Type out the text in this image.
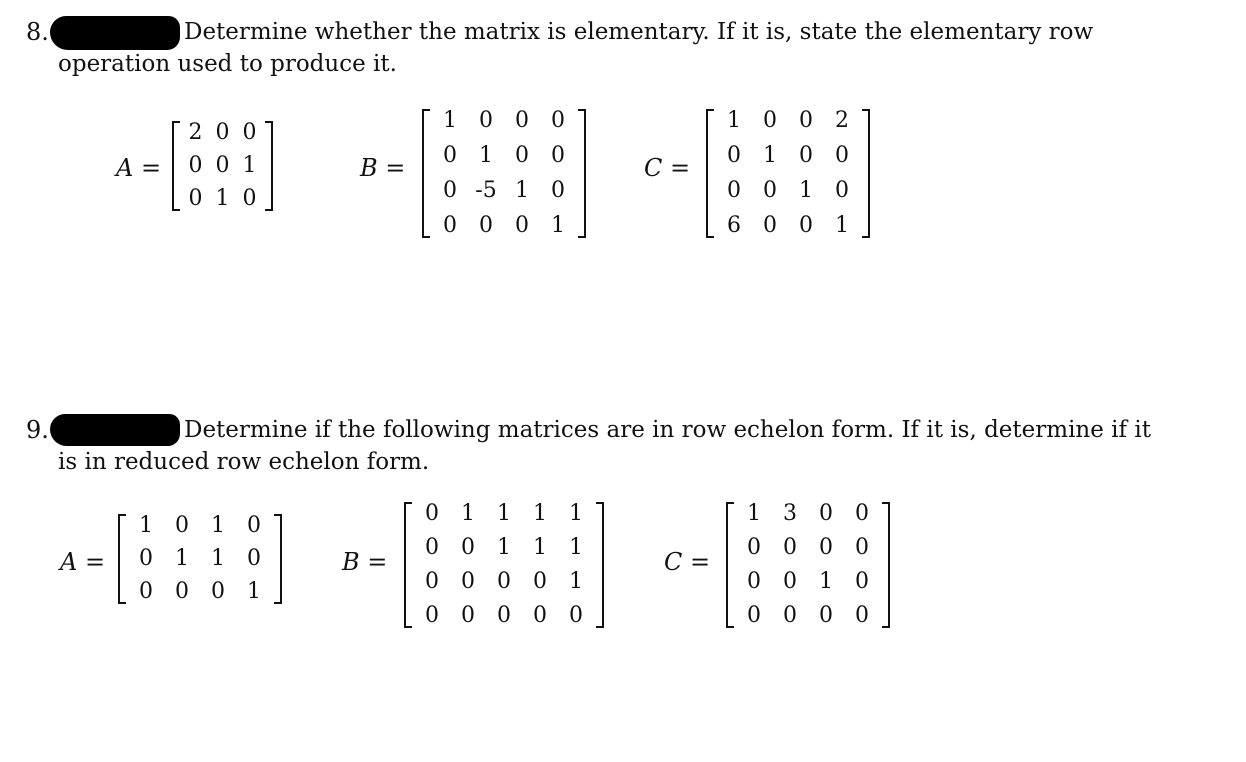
8.	Determine whether the matrix is elementary. If it is, state the elementary row
operation used to produce it.
A =
2 0 0
0 0 1
0 1 0
B =
1	0	0	0
0	1	0	0
0 -5 1	0
0	0	0	1
C =
1	0	0	2
0	1	0	0
0	0	1	0
6	0	0	1
9.	Determine if the following matrices are in row echelon form. If it is, determine if it
is in reduced row echelon form.
A =
1	0	1	0
0	1	1	0
0	0	0	1
B =
0	1	1	1	1
0	0	1	1	1
0	0	0	0	1
0	0	0	0	0
C =
1	3	0	0
0	0	0	0
0	0	1	0
0	0	0	0
